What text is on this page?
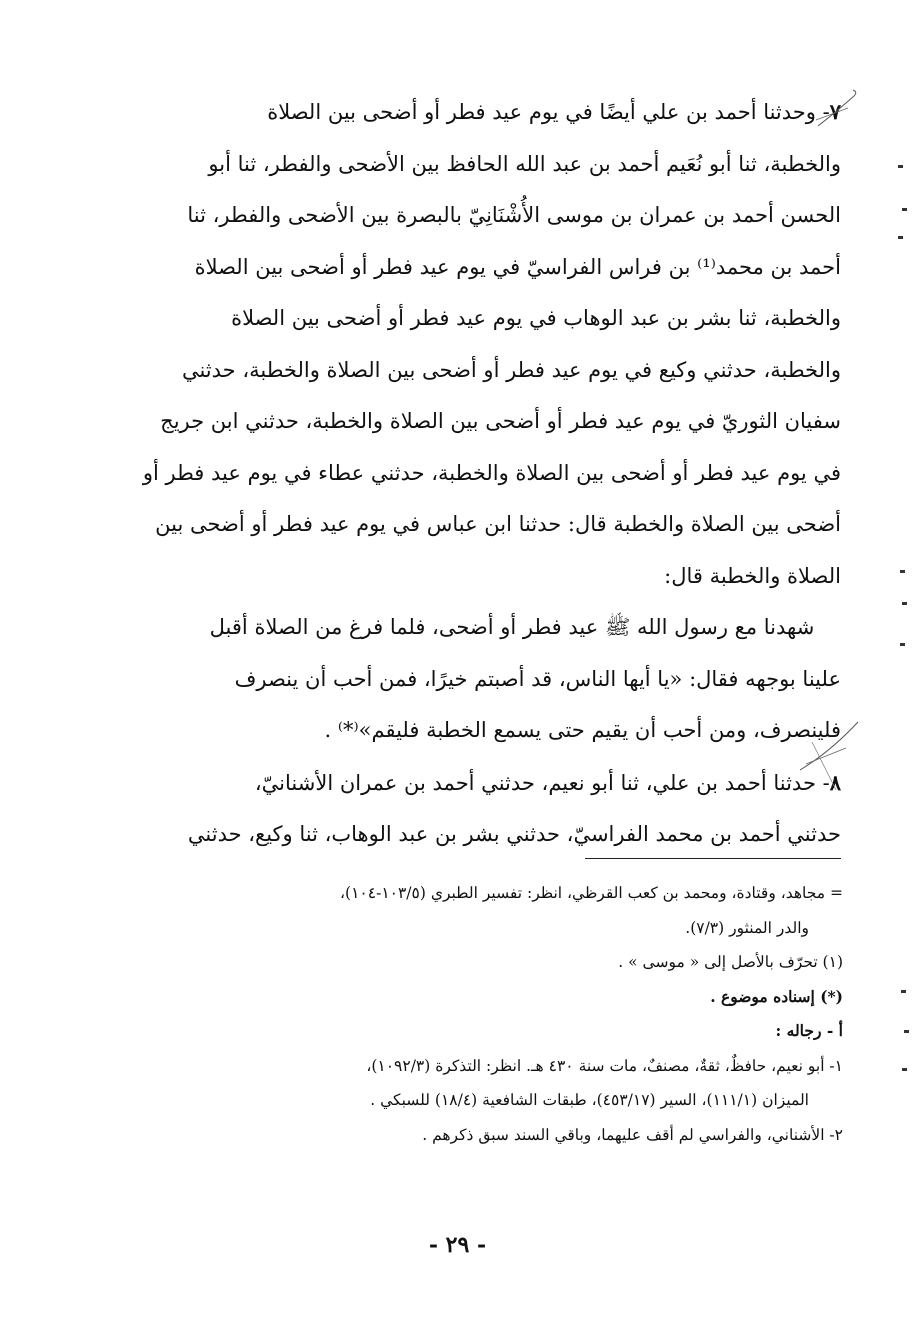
٧- وحدثنا أحمد بن علي أيضًا في يوم عيد فطر أو أضحى بين الصلاة
والخطبة، ثنا أبو نُعَيم أحمد بن عبد الله الحافظ بين الأضحى والفطر، ثنا أبو
الحسن أحمد بن عمران بن موسى الأُشْنَانِيّ بالبصرة بين الأضحى والفطر، ثنا
أحمد بن محمد⁽¹⁾ بن فراس الفراسيّ في يوم عيد فطر أو أضحى بين الصلاة
والخطبة، ثنا بشر بن عبد الوهاب في يوم عيد فطر أو أضحى بين الصلاة
والخطبة، حدثني وكيع في يوم عيد فطر أو أضحى بين الصلاة والخطبة، حدثني
سفيان الثوريّ في يوم عيد فطر أو أضحى بين الصلاة والخطبة، حدثني ابن جريج
في يوم عيد فطر أو أضحى بين الصلاة والخطبة، حدثني عطاء في يوم عيد فطر أو
أضحى بين الصلاة والخطبة قال: حدثنا ابن عباس في يوم عيد فطر أو أضحى بين
الصلاة والخطبة قال:

شهدنا مع رسول الله ﷺ عيد فطر أو أضحى، فلما فرغ من الصلاة أقبل
علينا بوجهه فقال: «يا أيها الناس، قد أصبتم خيرًا، فمن أحب أن ينصرف
فلينصرف، ومن أحب أن يقيم حتى يسمع الخطبة فليقم»⁽*⁾ .

٨- حدثنا أحمد بن علي، ثنا أبو نعيم، حدثني أحمد بن عمران الأشنانيّ،
حدثني أحمد بن محمد الفراسيّ، حدثني بشر بن عبد الوهاب، ثنا وكيع، حدثني

= مجاهد، وقتادة، ومحمد بن كعب القرظي، انظر: تفسير الطبري (١٠٣/٥-١٠٤)،

والدر المنثور (٧/٣).

(١) تحرّف بالأصل إلى « موسى » .

(*) إسناده موضوع .

أ - رجاله :

١- أبو نعيم، حافظٌ، ثقةٌ، مصنفٌ، مات سنة ٤٣٠ هـ. انظر: التذكرة (١٠٩٢/٣)،

الميزان (١١١/١)، السير (٤٥٣/١٧)، طبقات الشافعية (١٨/٤) للسبكي .

٢- الأشناني، والفراسي لم أقف عليهما، وباقي السند سبق ذكرهم .

- ٢٩ -
